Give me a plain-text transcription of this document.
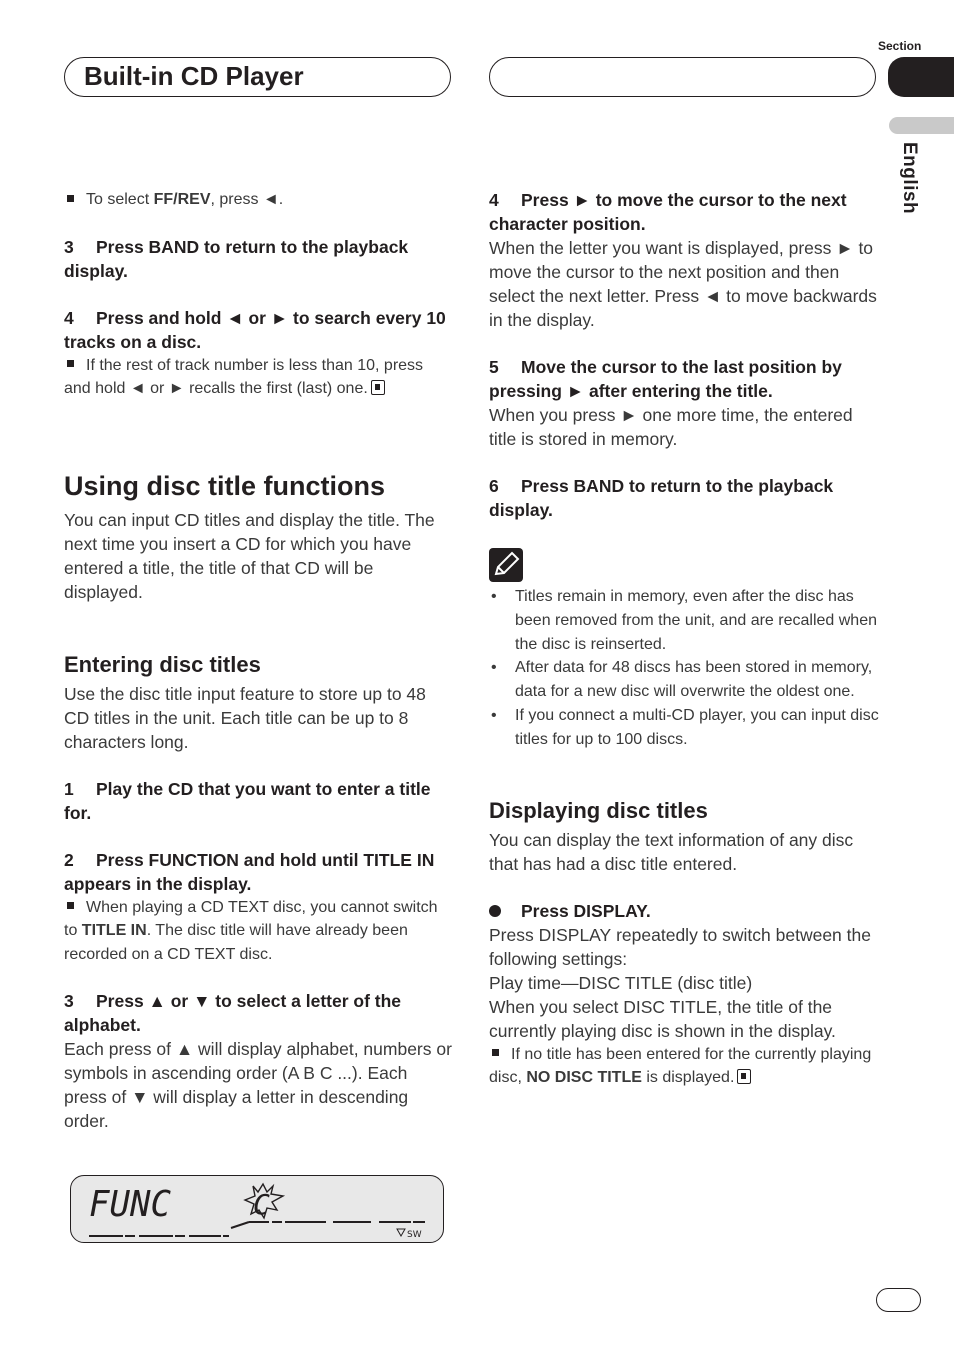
Built-in CD Player
Section
English

To select FF/REV, press ◄.

3 Press BAND to return to the playback display.

4 Press and hold ◄ or ► to search every 10 tracks on a disc.

If the rest of track number is less than 10, press and hold ◄ or ► recalls the first (last) one.

Using disc title functions

You can input CD titles and display the title. The next time you insert a CD for which you have entered a title, the title of that CD will be displayed.

Entering disc titles

Use the disc title input feature to store up to 48 CD titles in the unit. Each title can be up to 8 characters long.

1 Play the CD that you want to enter a title for.

2 Press FUNCTION and hold until TITLE IN appears in the display.

When playing a CD TEXT disc, you cannot switch to TITLE IN. The disc title will have already been recorded on a CD TEXT disc.

3 Press ▲ or ▼ to select a letter of the alphabet.

Each press of ▲ will display alphabet, numbers or symbols in ascending order (A B C ...). Each press of ▼ will display a letter in descending order.

FUNC	C
SW

4 Press ► to move the cursor to the next character position.

When the letter you want is displayed, press ► to move the cursor to the next position and then select the next letter. Press ◄ to move backwards in the display.

5 Move the cursor to the last position by pressing ► after entering the title.

When you press ► one more time, the entered title is stored in memory.

6 Press BAND to return to the playback display.

• Titles remain in memory, even after the disc has been removed from the unit, and are recalled when the disc is reinserted.
• After data for 48 discs has been stored in memory, data for a new disc will overwrite the oldest one.
• If you connect a multi-CD player, you can input disc titles for up to 100 discs.
Displaying disc titles

You can display the text information of any disc that has had a disc title entered.

Press DISPLAY.

Press DISPLAY repeatedly to switch between the following settings:

Play time—DISC TITLE (disc title)

When you select DISC TITLE, the title of the currently playing disc is shown in the display.

If no title has been entered for the currently playing disc, NO DISC TITLE is displayed.
